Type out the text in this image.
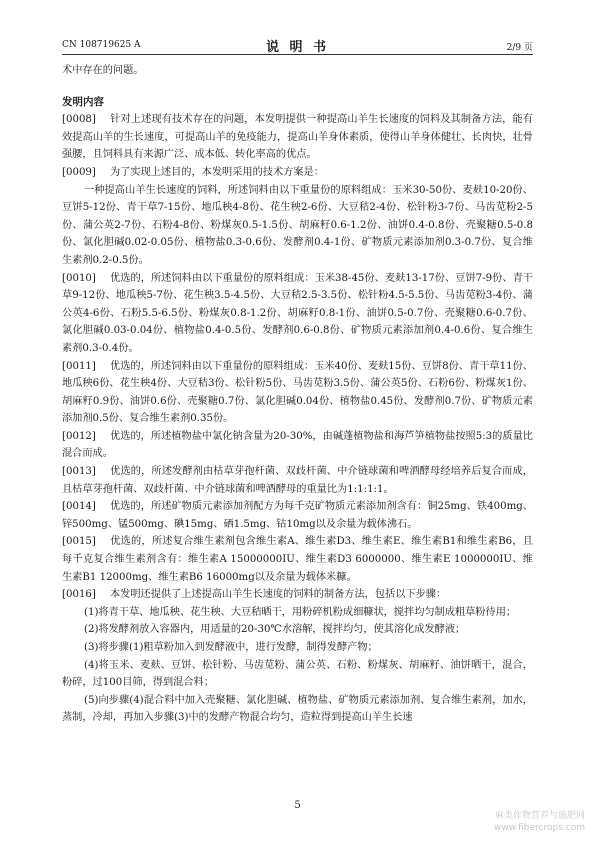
CN 108719625 A	说 明 书	2/9 页

术中存在的问题。

发明内容

[0008] 针对上述现有技术存在的问题，本发明提供一种提高山羊生长速度的饲料及其制备方法，能有效提高山羊的生长速度，可提高山羊的免疫能力，提高山羊身体素质，使得山羊身体健壮、长肉快，壮骨强腰，且饲料具有来源广泛、成本低、转化率高的优点。

[0009] 为了实现上述目的，本发明采用的技术方案是：

一种提高山羊生长速度的饲料，所述饲料由以下重量份的原料组成：玉米30-50份、麦麸10-20份、豆饼5-12份、青干草7-15份、地瓜秧4-8份、花生秧2-6份、大豆秸2-4份、松针粉3-7份、马齿苋粉2-5份、蒲公英2-7份、石粉4-8份、粉煤灰0.5-1.5份、胡麻籽0.6-1.2份、油饼0.4-0.8份、壳聚糖0.5-0.8份、氯化胆碱0.02-0.05份、植物盐0.3-0.6份、发酵剂0.4-1份、矿物质元素添加剂0.3-0.7份、复合维生素剂0.2-0.5份。

[0010] 优选的，所述饲料由以下重量份的原料组成：玉米38-45份、麦麸13-17份、豆饼7-9份、青干草9-12份、地瓜秧5-7份、花生秧3.5-4.5份、大豆秸2.5-3.5份、松针粉4.5-5.5份、马齿苋粉3-4份、蒲公英4-6份、石粉5.5-6.5份、粉煤灰0.8-1.2份、胡麻籽0.8-1份、油饼0.5-0.7份、壳聚糖0.6-0.7份、氯化胆碱0.03-0.04份、植物盐0.4-0.5份、发酵剂0.6-0.8份、矿物质元素添加剂0.4-0.6份、复合维生素剂0.3-0.4份。

[0011] 优选的，所述饲料由以下重量份的原料组成：玉米40份、麦麸15份、豆饼8份、青干草11份、地瓜秧6份、花生秧4份、大豆秸3份、松针粉5份、马齿苋粉3.5份、蒲公英5份、石粉6份、粉煤灰1份、胡麻籽0.9份、油饼0.6份、壳聚糖0.7份、氯化胆碱0.04份、植物盐0.45份、发酵剂0.7份、矿物质元素添加剂0.5份、复合维生素剂0.35份。

[0012] 优选的，所述植物盐中氯化钠含量为20-30%，由碱蓬植物盐和海芦笋植物盐按照5:3的质量比混合而成。

[0013] 优选的，所述发酵剂由枯草芽孢杆菌、双歧杆菌、中介链球菌和啤酒酵母经培养后复合而成，且枯草芽孢杆菌、双歧杆菌、中介链球菌和啤酒酵母的重量比为1:1:1:1。

[0014] 优选的，所述矿物质元素添加剂配方为每千克矿物质元素添加剂含有：铜25mg、铁400mg、锌500mg、锰500mg、碘15mg、硒1.5mg、钴10mg以及余量为载体沸石。

[0015] 优选的，所述复合维生素剂包含维生素A、维生素D3、维生素E、维生素B1和维生素B6，且每千克复合维生素剂含有：维生素A 15000000IU、维生素D3 6000000、维生素E 1000000IU、维生素B1 12000mg、维生素B6 16000mg以及余量为载体米糠。

[0016] 本发明还提供了上述提高山羊生长速度的饲料的制备方法，包括以下步骤：

(1)将青干草、地瓜秧、花生秧、大豆秸晒干，用粉碎机粉成细糠状，搅拌均匀制成粗草粉待用；

(2)将发酵剂放入容器内，用适量的20-30℃水溶解，搅拌均匀，使其溶化成发酵液；

(3)将步骤(1)粗草粉加入到发酵液中，进行发酵，制得发酵产物；

(4)将玉米、麦麸、豆饼、松针粉、马齿苋粉、蒲公英、石粉、粉煤灰、胡麻籽、油饼晒干，混合，粉碎，过100目筛，得到混合料；

(5)向步骤(4)混合料中加入壳聚糖、氯化胆碱、植物盐、矿物质元素添加剂、复合维生素剂，加水，蒸制，冷却，再加入步骤(3)中的发酵产物混合均匀，造粒得到提高山羊生长速

5
麻类作物营养与施肥网
www.fibercrops.com
